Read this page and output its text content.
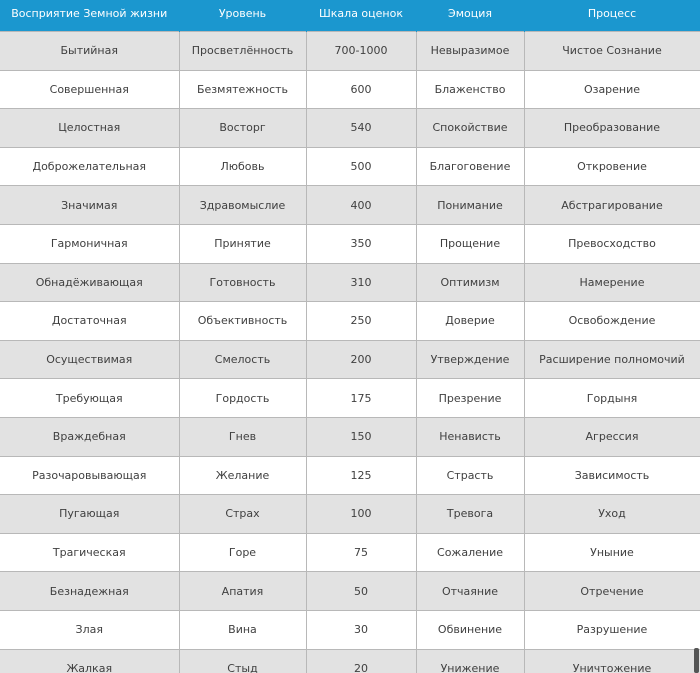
Восприятие Земной жизни	Уровень	Шкала оценок	Эмоция	Процесс
Бытийная	Просветлённость	700-1000	Невыразимое	Чистое Сознание
Совершенная	Безмятежность	600	Блаженство	Озарение
Целостная	Восторг	540	Спокойствие	Преобразование
Доброжелательная	Любовь	500	Благоговение	Откровение
Значимая	Здравомыслие	400	Понимание	Абстрагирование
Гармоничная	Принятие	350	Прощение	Превосходство
Обнадёживающая	Готовность	310	Оптимизм	Намерение
Достаточная	Объективность	250	Доверие	Освобождение
Осуществимая	Смелость	200	Утверждение	Расширение полномочий
Требующая	Гордость	175	Презрение	Гордыня
Враждебная	Гнев	150	Ненависть	Агрессия
Разочаровывающая	Желание	125	Страсть	Зависимость
Пугающая	Страх	100	Тревога	Уход
Трагическая	Горе	75	Сожаление	Уныние
Безнадежная	Апатия	50	Отчаяние	Отречение
Злая	Вина	30	Обвинение	Разрушение
Жалкая	Стыд	20	Унижение	Уничтожение
